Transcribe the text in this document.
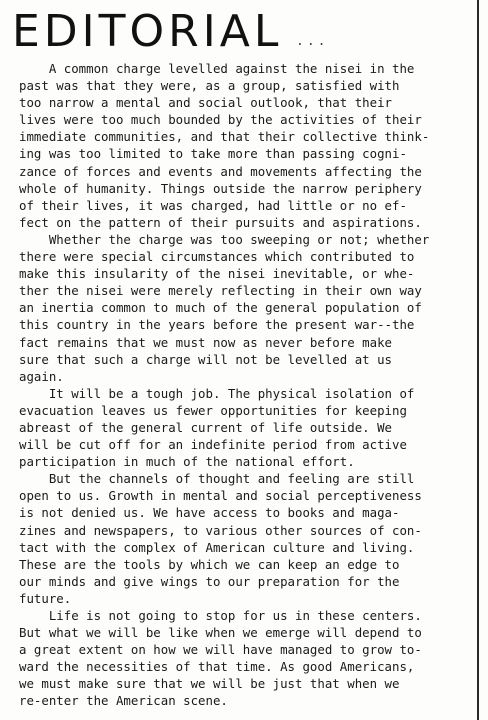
EDITORIAL ...
A common charge levelled against the nisei in the
past was that they were, as a group, satisfied with
too narrow a mental and social outlook, that their
lives were too much bounded by the activities of their
immediate communities, and that their collective think-
ing was too limited to take more than passing cogni-
zance of forces and events and movements affecting the
whole of humanity. Things outside the narrow periphery
of their lives, it was charged, had little or no ef-
fect on the pattern of their pursuits and aspirations.
Whether the charge was too sweeping or not; whether
there were special circumstances which contributed to
make this insularity of the nisei inevitable, or whe-
ther the nisei were merely reflecting in their own way
an inertia common to much of the general population of
this country in the years before the present war--the
fact remains that we must now as never before make
sure that such a charge will not be levelled at us
again.
It will be a tough job. The physical isolation of
evacuation leaves us fewer opportunities for keeping
abreast of the general current of life outside. We
will be cut off for an indefinite period from active
participation in much of the national effort.
But the channels of thought and feeling are still
open to us. Growth in mental and social perceptiveness
is not denied us. We have access to books and maga-
zines and newspapers, to various other sources of con-
tact with the complex of American culture and living.
These are the tools by which we can keep an edge to
our minds and give wings to our preparation for the
future.
Life is not going to stop for us in these centers.
But what we will be like when we emerge will depend to
a great extent on how we will have managed to grow to-
ward the necessities of that time. As good Americans,
we must make sure that we will be just that when we
re-enter the American scene.
